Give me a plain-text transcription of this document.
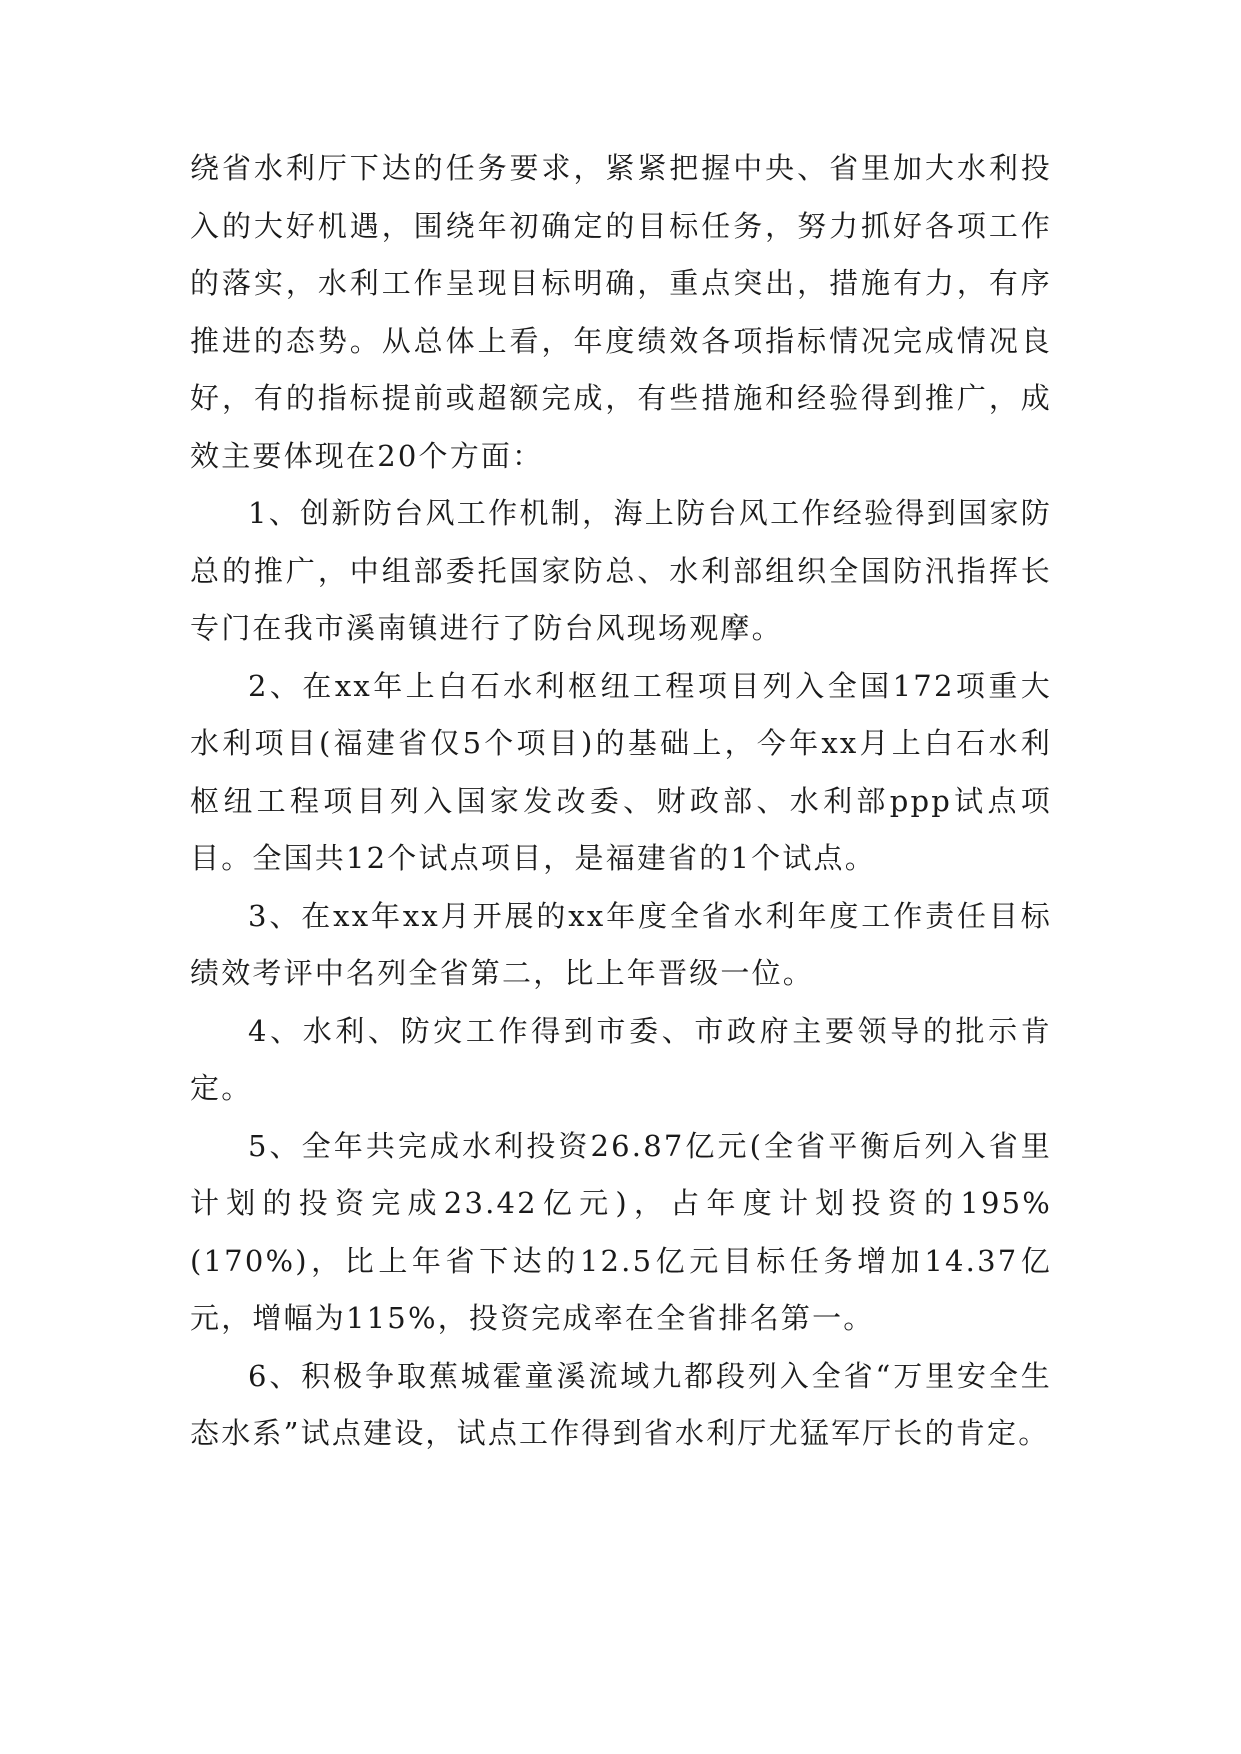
绕省水利厅下达的任务要求，紧紧把握中央、省里加大水利投入的大好机遇，围绕年初确定的目标任务，努力抓好各项工作的落实，水利工作呈现目标明确，重点突出，措施有力，有序推进的态势。从总体上看，年度绩效各项指标情况完成情况良好，有的指标提前或超额完成，有些措施和经验得到推广，成效主要体现在20个方面：

1、创新防台风工作机制，海上防台风工作经验得到国家防总的推广，中组部委托国家防总、水利部组织全国防汛指挥长专门在我市溪南镇进行了防台风现场观摩。

2、在xx年上白石水利枢纽工程项目列入全国172项重大水利项目(福建省仅5个项目)的基础上，今年xx月上白石水利枢纽工程项目列入国家发改委、财政部、水利部ppp试点项目。全国共12个试点项目，是福建省的1个试点。

3、在xx年xx月开展的xx年度全省水利年度工作责任目标绩效考评中名列全省第二，比上年晋级一位。

4、水利、防灾工作得到市委、市政府主要领导的批示肯定。

5、全年共完成水利投资26.87亿元(全省平衡后列入省里计划的投资完成23.42亿元)，占年度计划投资的195%(170%)，比上年省下达的12.5亿元目标任务增加14.37亿元，增幅为115%，投资完成率在全省排名第一。

6、积极争取蕉城霍童溪流域九都段列入全省“万里安全生态水系”试点建设，试点工作得到省水利厅尤猛军厅长的肯定。
